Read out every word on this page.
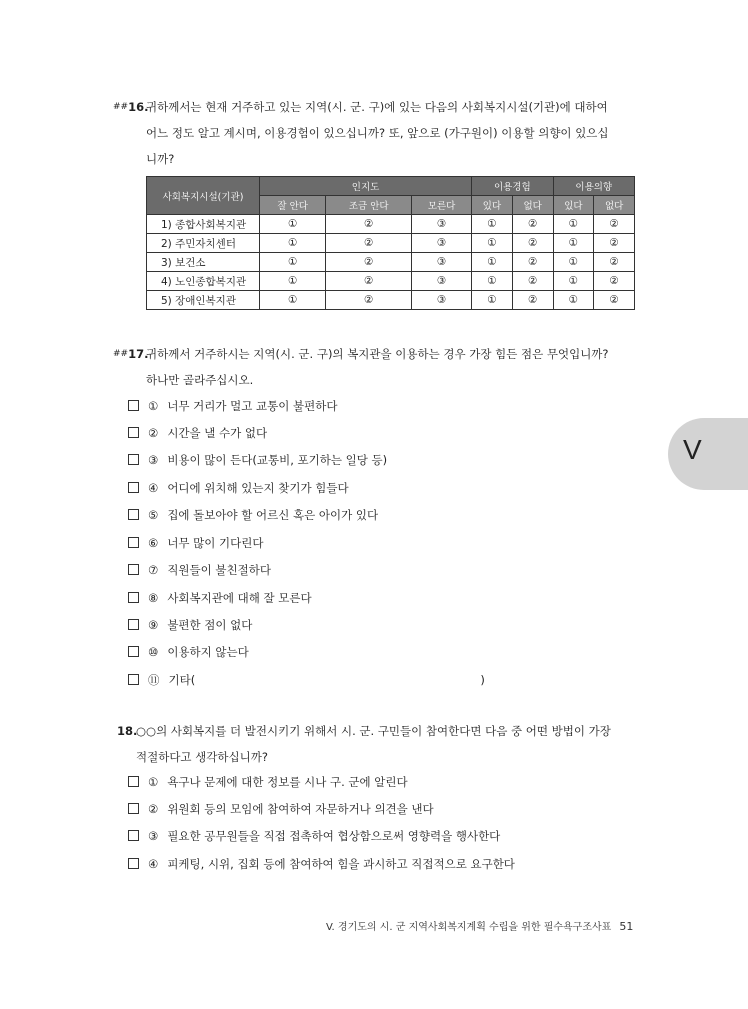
##16.
귀하께서는 현재 거주하고 있는 지역(시. 군. 구)에 있는 다음의 사회복지시설(기관)에 대하여
어느 정도 알고 계시며, 이용경험이 있으십니까? 또, 앞으로 (가구원이) 이용할 의향이 있으십
니까?
사회복지시설(기관)	인지도			이용경험		이용의향	
	잘 안다	조금 안다	모른다	있다	없다	있다	없다
1) 종합사회복지관	①	②	③	①	②	①	②
2) 주민자치센터	①	②	③	①	②	①	②
3) 보건소	①	②	③	①	②	①	②
4) 노인종합복지관	①	②	③	①	②	①	②
5) 장애인복지관	①	②	③	①	②	①	②
##17.
귀하께서 거주하시는 지역(시. 군. 구)의 복지관을 이용하는 경우 가장 힘든 점은 무엇입니까?
하나만 골라주십시오.
① 너무 거리가 멀고 교통이 불편하다
② 시간을 낼 수가 없다
③ 비용이 많이 든다(교통비, 포기하는 일당 등)
④ 어디에 위치해 있는지 찾기가 힘들다
⑤ 집에 돌보아야 할 어르신 혹은 아이가 있다
⑥ 너무 많이 기다린다
⑦ 직원들이 불친절하다
⑧ 사회복지관에 대해 잘 모른다
⑨ 불편한 점이 없다
⑩ 이용하지 않는다
⑪ 기타(                                                                              )
18.
○○의 사회복지를 더 발전시키기 위해서 시. 군. 구민들이 참여한다면 다음 중 어떤 방법이 가장
적절하다고 생각하십니까?
① 욕구나 문제에 대한 정보를 시나 구. 군에 알린다
② 위원회 등의 모임에 참여하여 자문하거나 의견을 낸다
③ 필요한 공무원들을 직접 접촉하여 협상함으로써 영향력을 행사한다
④ 피케팅, 시위, 집회 등에 참여하여 힘을 과시하고 직접적으로 요구한다
V
V. 경기도의 시. 군 지역사회복지계획 수립을 위한 필수욕구조사표 51
